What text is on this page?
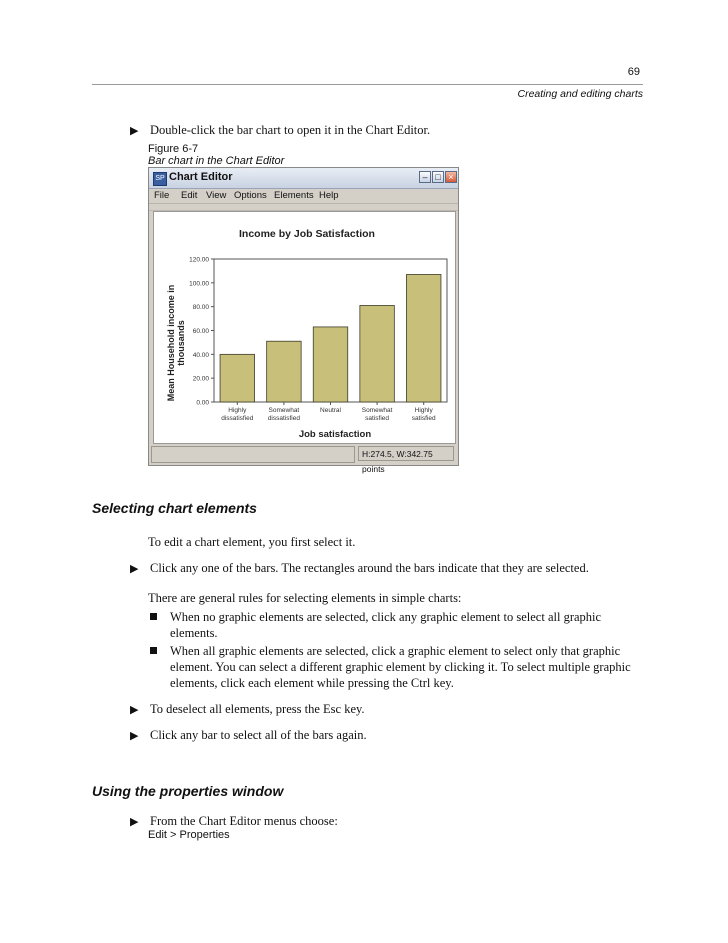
69
Creating and editing charts
▶ Double-click the bar chart to open it in the Chart Editor.
Figure 6-7
Bar chart in the Chart Editor
SP Chart Editor	– □ ×
File Edit View Options Elements Help
Income by Job Satisfaction
Mean Household income in thousands
0.00
20.00
40.00
60.00
80.00
100.00
120.00
Highly
dissatisfied
Somewhat
dissatisfied
Neutral	Somewhat
satisfied
Highly
satisfied
Job satisfaction
H:274.5, W:342.75 points
Selecting chart elements
To edit a chart element, you first select it.
▶ Click any one of the bars. The rectangles around the bars indicate that they are selected.
There are general rules for selecting elements in simple charts:
When no graphic elements are selected, click any graphic element to select all graphic elements.
When all graphic elements are selected, click a graphic element to select only that graphic element. You can select a different graphic element by clicking it. To select multiple graphic elements, click each element while pressing the Ctrl key.
▶ To deselect all elements, press the Esc key.
▶ Click any bar to select all of the bars again.
Using the properties window
▶ From the Chart Editor menus choose:
Edit > Properties
